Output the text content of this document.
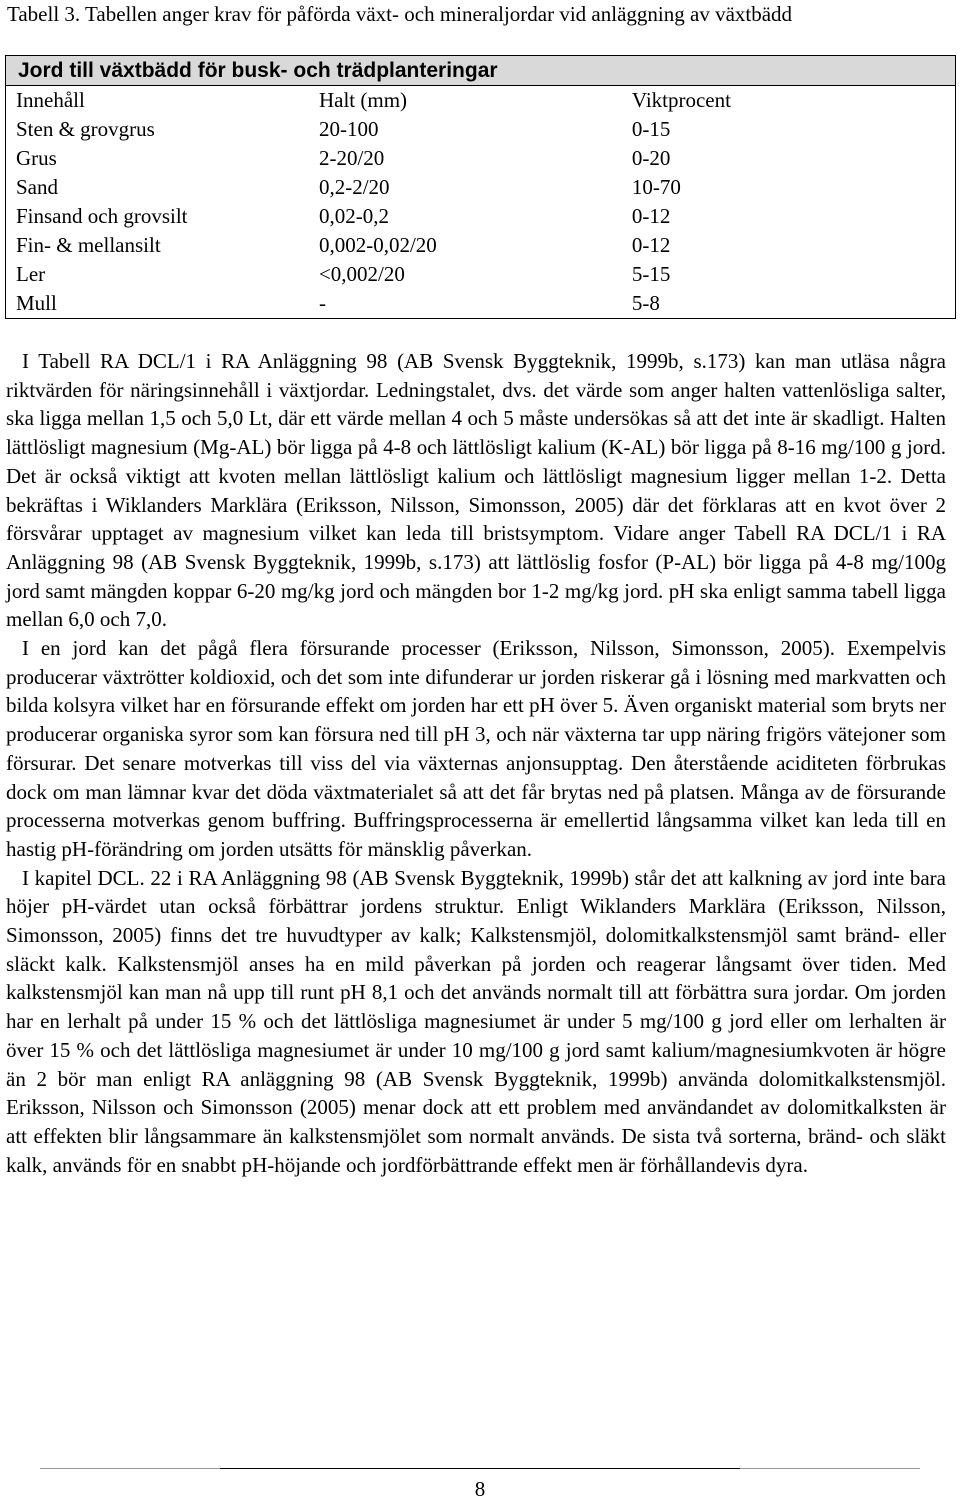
Tabell 3. Tabellen anger krav för påförda växt- och mineraljordar vid anläggning av växtbädd
Jord till växtbädd för busk- och trädplanteringar		
Innehåll	Halt (mm)	Viktprocent
Sten & grovgrus	20-100	0-15
Grus	2-20/20	0-20
Sand	0,2-2/20	10-70
Finsand och grovsilt	0,02-0,2	0-12
Fin- & mellansilt	0,002-0,02/20	0-12
Ler	<0,002/20	5-15
Mull	-	5-8

I Tabell RA DCL/1 i RA Anläggning 98 (AB Svensk Byggteknik, 1999b, s.173) kan man utläsa några riktvärden för näringsinnehåll i växtjordar. Ledningstalet, dvs. det värde som anger halten vattenlösliga salter, ska ligga mellan 1,5 och 5,0 Lt, där ett värde mellan 4 och 5 måste undersökas så att det inte är skadligt. Halten lättlösligt magnesium (Mg-AL) bör ligga på 4-8 och lättlösligt kalium (K-AL) bör ligga på 8-16 mg/100 g jord. Det är också viktigt att kvoten mellan lättlösligt kalium och lättlösligt magnesium ligger mellan 1-2. Detta bekräftas i Wiklanders Marklära (Eriksson, Nilsson, Simonsson, 2005) där det förklaras att en kvot över 2 försvårar upptaget av magnesium vilket kan leda till bristsymptom. Vidare anger Tabell RA DCL/1 i RA Anläggning 98 (AB Svensk Byggteknik, 1999b, s.173) att lättlöslig fosfor (P-AL) bör ligga på 4-8 mg/100g jord samt mängden koppar 6-20 mg/kg jord och mängden bor 1-2 mg/kg jord. pH ska enligt samma tabell ligga mellan 6,0 och 7,0.

I en jord kan det pågå flera försurande processer (Eriksson, Nilsson, Simonsson, 2005). Exempelvis producerar växtrötter koldioxid, och det som inte difunderar ur jorden riskerar gå i lösning med markvatten och bilda kolsyra vilket har en försurande effekt om jorden har ett pH över 5. Även organiskt material som bryts ner producerar organiska syror som kan försura ned till pH 3, och när växterna tar upp näring frigörs vätejoner som försurar. Det senare motverkas till viss del via växternas anjonsupptag. Den återstående aciditeten förbrukas dock om man lämnar kvar det döda växtmaterialet så att det får brytas ned på platsen. Många av de försurande processerna motverkas genom buffring. Buffringsprocesserna är emellertid långsamma vilket kan leda till en hastig pH-förändring om jorden utsätts för mänsklig påverkan.

I kapitel DCL. 22 i RA Anläggning 98 (AB Svensk Byggteknik, 1999b) står det att kalkning av jord inte bara höjer pH-värdet utan också förbättrar jordens struktur. Enligt Wiklanders Marklära (Eriksson, Nilsson, Simonsson, 2005) finns det tre huvudtyper av kalk; Kalkstensmjöl, dolomitkalkstensmjöl samt bränd- eller släckt kalk. Kalkstensmjöl anses ha en mild påverkan på jorden och reagerar långsamt över tiden. Med kalkstensmjöl kan man nå upp till runt pH 8,1 och det används normalt till att förbättra sura jordar. Om jorden har en lerhalt på under 15 % och det lättlösliga magnesiumet är under 5 mg/100 g jord eller om lerhalten är över 15 % och det lättlösliga magnesiumet är under 10 mg/100 g jord samt kalium/magnesiumkvoten är högre än 2 bör man enligt RA anläggning 98 (AB Svensk Byggteknik, 1999b) använda dolomitkalkstensmjöl. Eriksson, Nilsson och Simonsson (2005) menar dock att ett problem med användandet av dolomitkalksten är att effekten blir långsammare än kalkstensmjölet som normalt används. De sista två sorterna, bränd- och släkt kalk, används för en snabbt pH-höjande och jordförbättrande effekt men är förhållandevis dyra.

8
